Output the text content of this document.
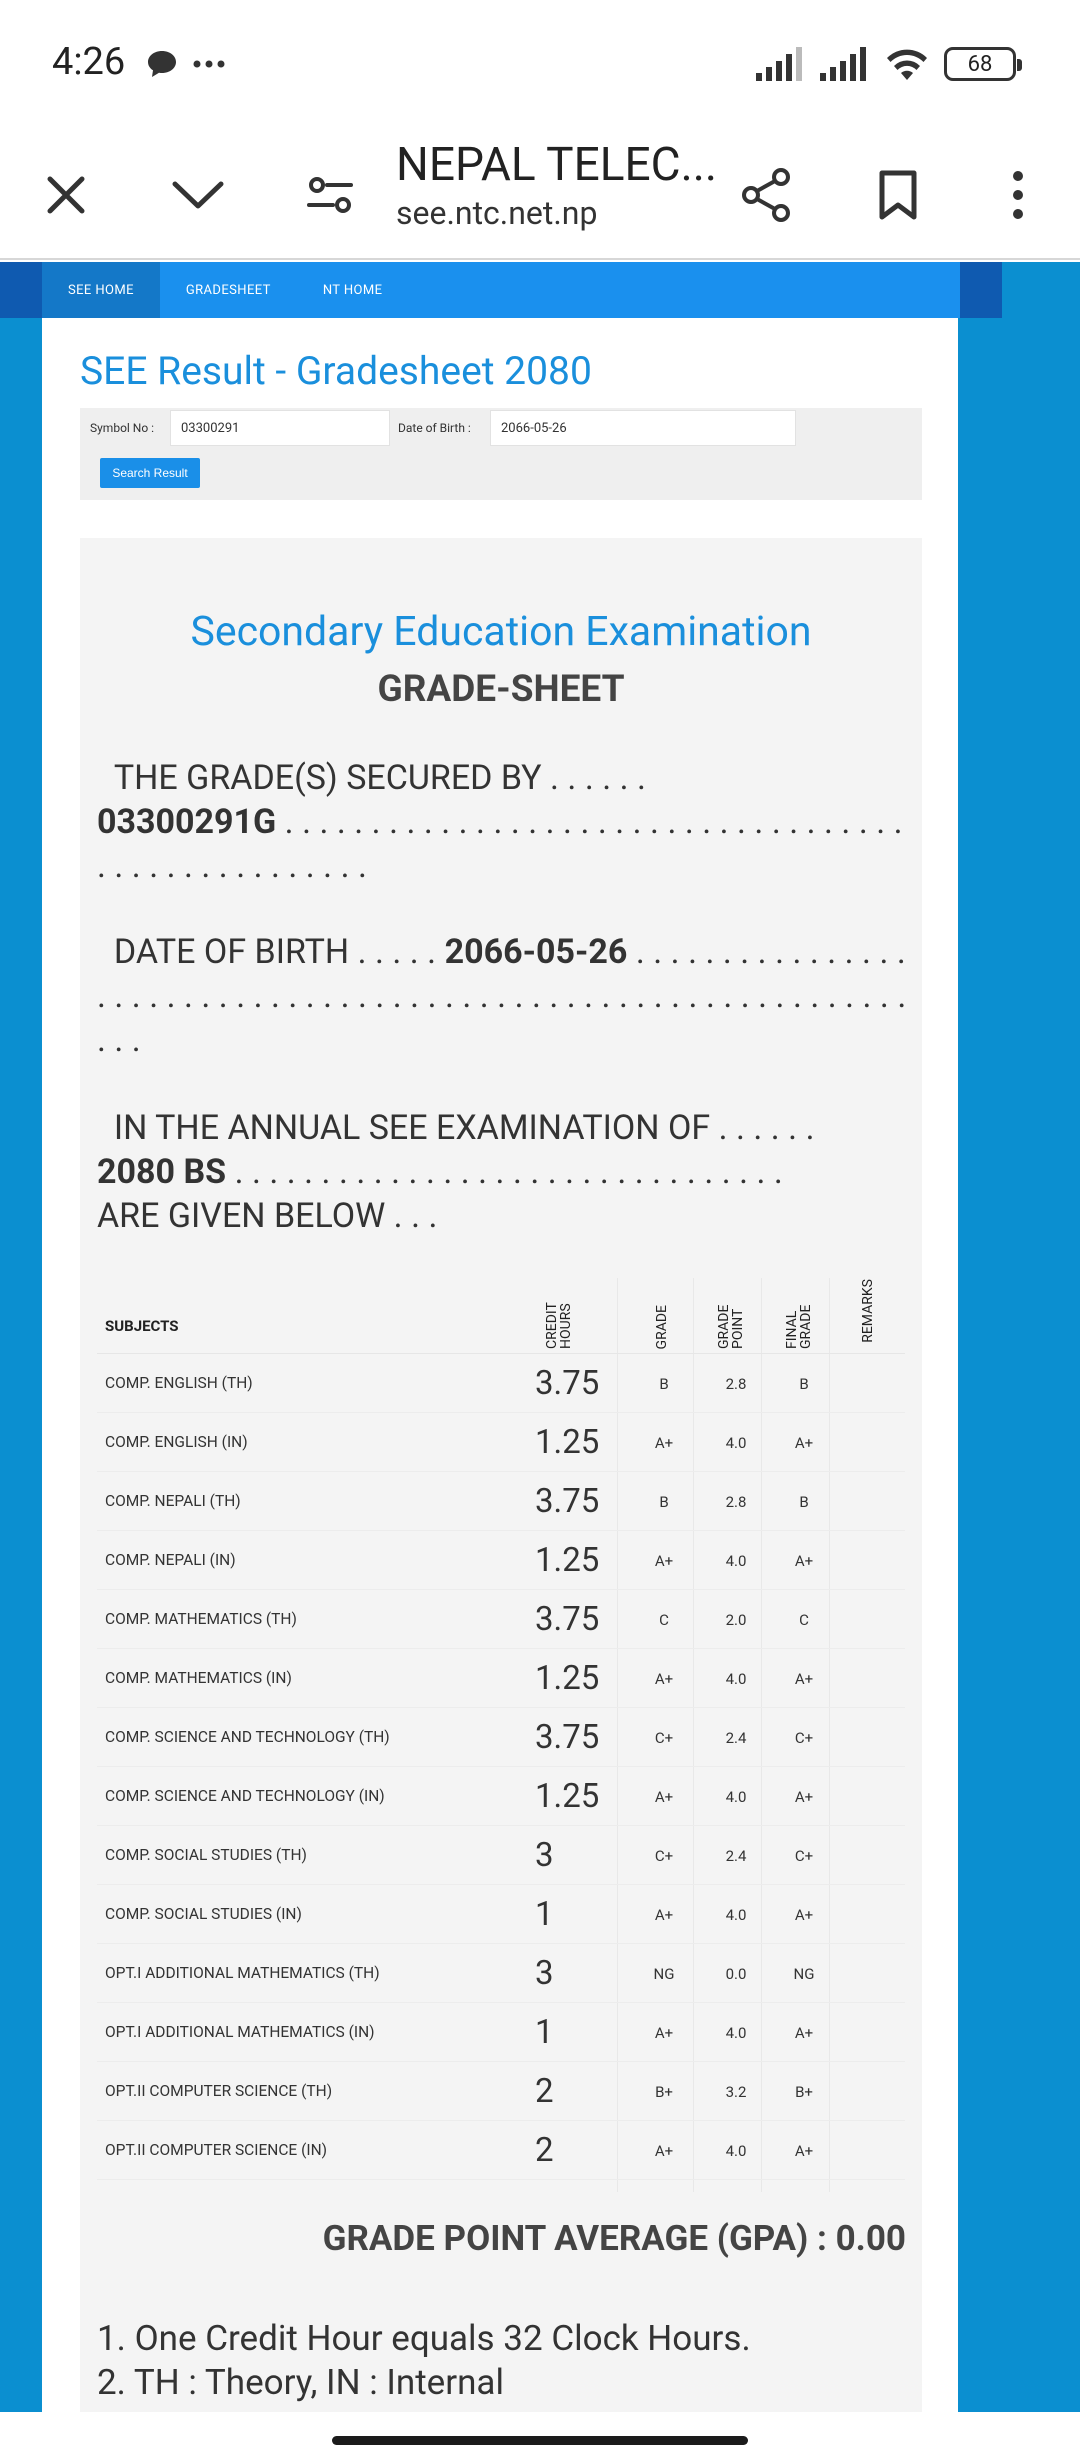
4:26	68
NEPAL TELEC...
see.ntc.net.np
SEE HOME	GRADESHEET	NT HOME
SEE Result - Gradesheet 2080
Symbol No :	03300291	Date of Birth :	2066-05-26
Search Result
Secondary Education Examination
GRADE-SHEET
THE GRADE(S) SECURED BY . . . . . .
03300291G . . . . . . . . . . . . . . . . . . . . . . . . . . . . . . . . . . . . . . . . . . . . . . . . . . . .
DATE OF BIRTH . . . . . 2066-05-26 . . . . . . . . . . . . . . . . . . . . . . . . . . . . . . . . . . . . . . . . . . . . . . . . . . . . . . . . . . . . . . . . . .
IN THE ANNUAL SEE EXAMINATION OF . . . . . .
2080 BS . . . . . . . . . . . . . . . . . . . . . . . . . . . . . . . .
ARE GIVEN BELOW . . .
SUBJECTS	CREDIT HOURS	GRADE	GRADE POINT	FINAL GRADE	REMARKS
COMP. ENGLISH (TH)	3.75	B	2.8	B
COMP. ENGLISH (IN)	1.25	A+	4.0	A+
COMP. NEPALI (TH)	3.75	B	2.8	B
COMP. NEPALI (IN)	1.25	A+	4.0	A+
COMP. MATHEMATICS (TH)	3.75	C	2.0	C
COMP. MATHEMATICS (IN)	1.25	A+	4.0	A+
COMP. SCIENCE AND TECHNOLOGY (TH)	3.75	C+	2.4	C+
COMP. SCIENCE AND TECHNOLOGY (IN)	1.25	A+	4.0	A+
COMP. SOCIAL STUDIES (TH)	3	C+	2.4	C+
COMP. SOCIAL STUDIES (IN)	1	A+	4.0	A+
OPT.I ADDITIONAL MATHEMATICS (TH)	3	NG	0.0	NG
OPT.I ADDITIONAL MATHEMATICS (IN)	1	A+	4.0	A+
OPT.II COMPUTER SCIENCE (TH)	2	B+	3.2	B+
OPT.II COMPUTER SCIENCE (IN)	2	A+	4.0	A+
GRADE POINT AVERAGE (GPA) : 0.00
1. One Credit Hour equals 32 Clock Hours.
2. TH : Theory, IN : Internal
